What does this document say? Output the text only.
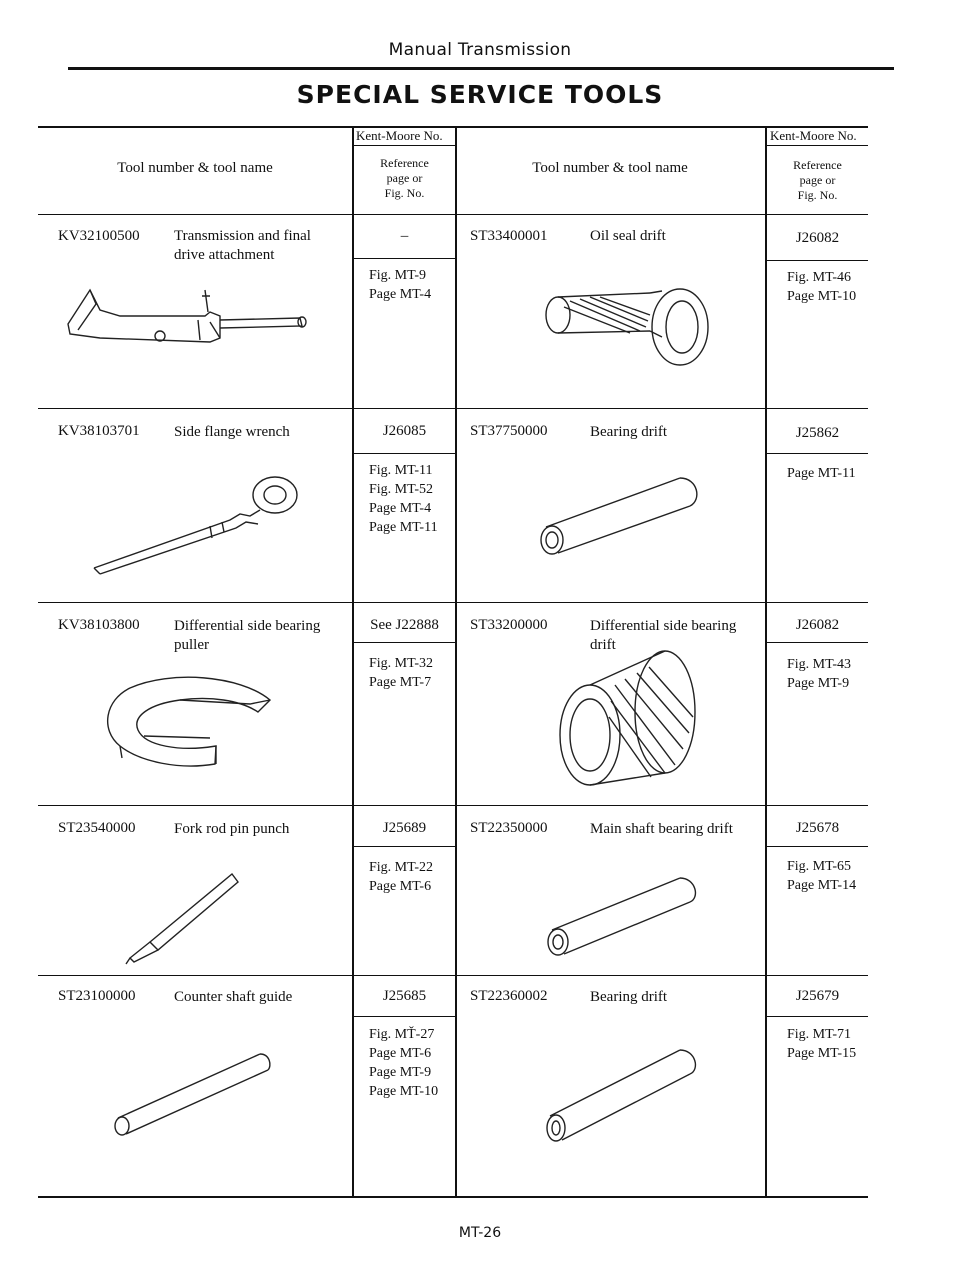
Manual Transmission
SPECIAL SERVICE TOOLS
Tool number & tool name	Tool number & tool name
Kent-Moore No.	Kent-Moore No.
Reference
page or
Fig. No.
Reference
page or
Fig. No.
KV32100500 Transmission and final
drive attachment
–
Fig. MT-9
Page MT-4
KV38103701 Side flange wrench	J26085
Fig. MT-11
Fig. MT-52
Page MT-4
Page MT-11
KV38103800 Differential side bearing
puller
See J22888
Fig. MT-32
Page MT-7
ST23540000	Fork rod pin punch	J25689
Fig. MT-22
Page MT-6
ST23100000	Counter shaft guide	J25685
Fig. MŤ-27
Page MT-6
Page MT-9
Page MT-10
ST33400001	Oil seal drift	J26082
Fig. MT-46
Page MT-10
ST37750000	Bearing drift	J25862
Page MT-11
ST33200000	Differential side bearing
drift
J26082
Fig. MT-43
Page MT-9
ST22350000	Main shaft bearing drift	J25678
Fig. MT-65
Page MT-14
ST22360002	Bearing drift	J25679
Fig. MT-71
Page MT-15
MT-26
